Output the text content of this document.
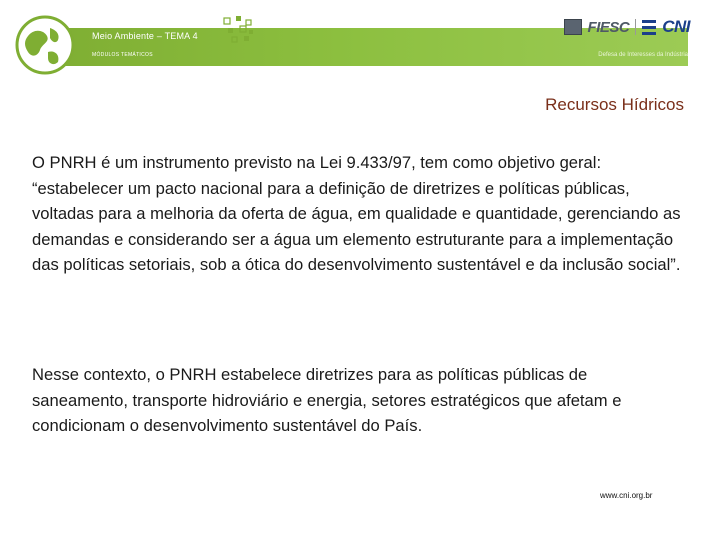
Meio Ambiente – TEMA 4
MÓDULOS TEMÁTICOS	Defesa de Interesses da Indústria
FIESC CNI
Recursos Hídricos

O PNRH é um instrumento previsto na Lei 9.433/97, tem como objetivo geral: “estabelecer um pacto nacional para a definição de diretrizes e políticas públicas, voltadas para a melhoria da oferta de água, em qualidade e quantidade, gerenciando as demandas e considerando ser a água um elemento estruturante para a implementação das políticas setoriais, sob a ótica do desenvolvimento sustentável e da inclusão social”.

Nesse contexto, o PNRH estabelece diretrizes para as políticas públicas de saneamento, transporte hidroviário e energia, setores estratégicos que afetam e condicionam o desenvolvimento sustentável do País.

www.cni.org.br
